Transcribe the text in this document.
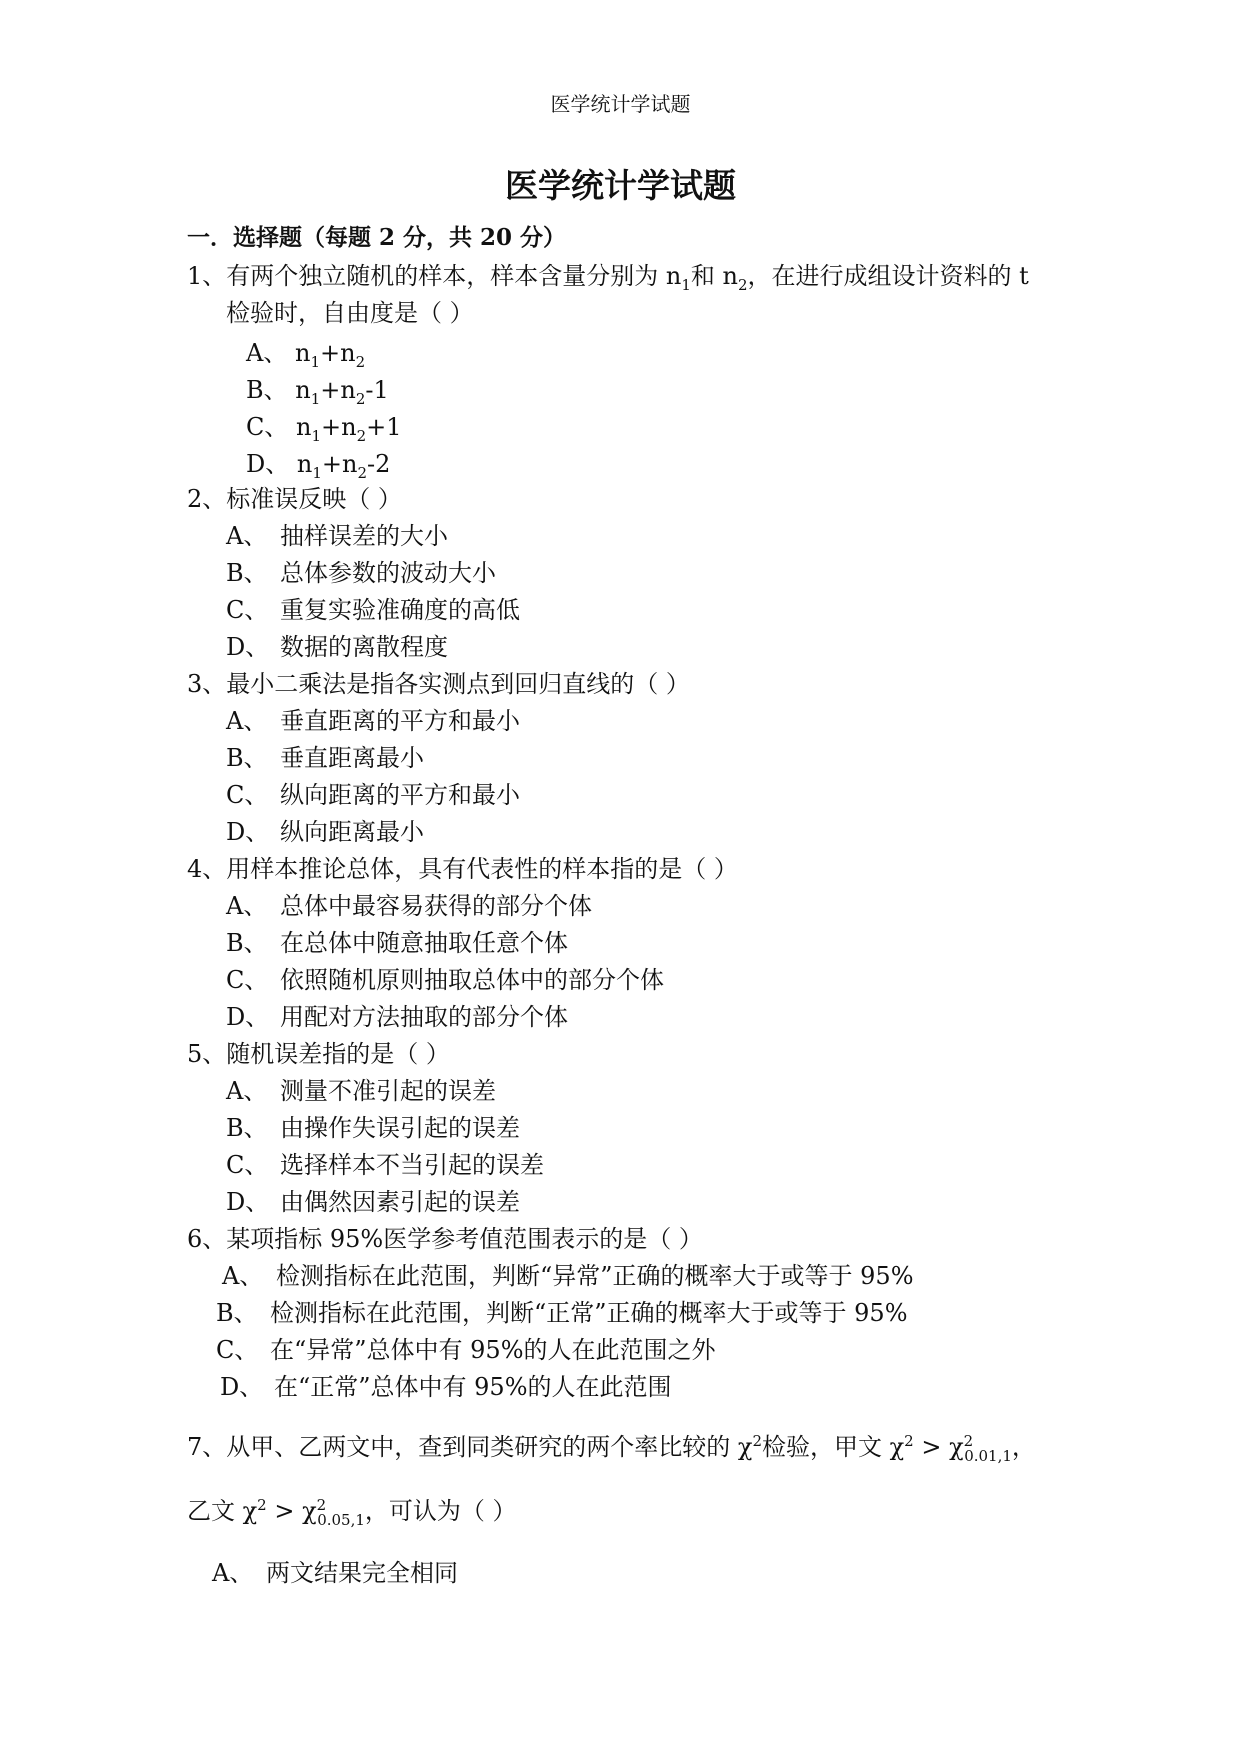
医学统计学试题
医学统计学试题
一．选择题（每题 2 分，共 20 分）
1、有两个独立随机的样本，样本含量分别为 $n_1$和 $n_2$，在进行成组设计资料的 t
检验时，自由度是（ ）
A、 $n_1+n_2$
B、 $n_1+n_2-1$
C、 $n_1+n_2+1$
D、 $n_1+n_2-2$
2、标准误反映（ ）
A、 抽样误差的大小
B、 总体参数的波动大小
C、 重复实验准确度的高低
D、 数据的离散程度
3、最小二乘法是指各实测点到回归直线的（ ）
A、 垂直距离的平方和最小
B、 垂直距离最小
C、 纵向距离的平方和最小
D、 纵向距离最小
4、用样本推论总体，具有代表性的样本指的是（ ）
A、 总体中最容易获得的部分个体
B、 在总体中随意抽取任意个体
C、 依照随机原则抽取总体中的部分个体
D、 用配对方法抽取的部分个体
5、随机误差指的是（ ）
A、 测量不准引起的误差
B、 由操作失误引起的误差
C、 选择样本不当引起的误差
D、 由偶然因素引起的误差
6、某项指标 95%医学参考值范围表示的是（ ）
A、 检测指标在此范围，判断“异常”正确的概率大于或等于 95%
B、 检测指标在此范围，判断“正常”正确的概率大于或等于 95%
C、 在“异常”总体中有 95%的人在此范围之外
D、 在“正常”总体中有 95%的人在此范围
7、从甲、乙两文中，查到同类研究的两个率比较的 $\chi^2$检验，甲文 $\chi^2 > \chi^2_{0.01,1}$，
乙文 $\chi^2 > \chi^2_{0.05,1}$，可认为（ ）
A、 两文结果完全相同
